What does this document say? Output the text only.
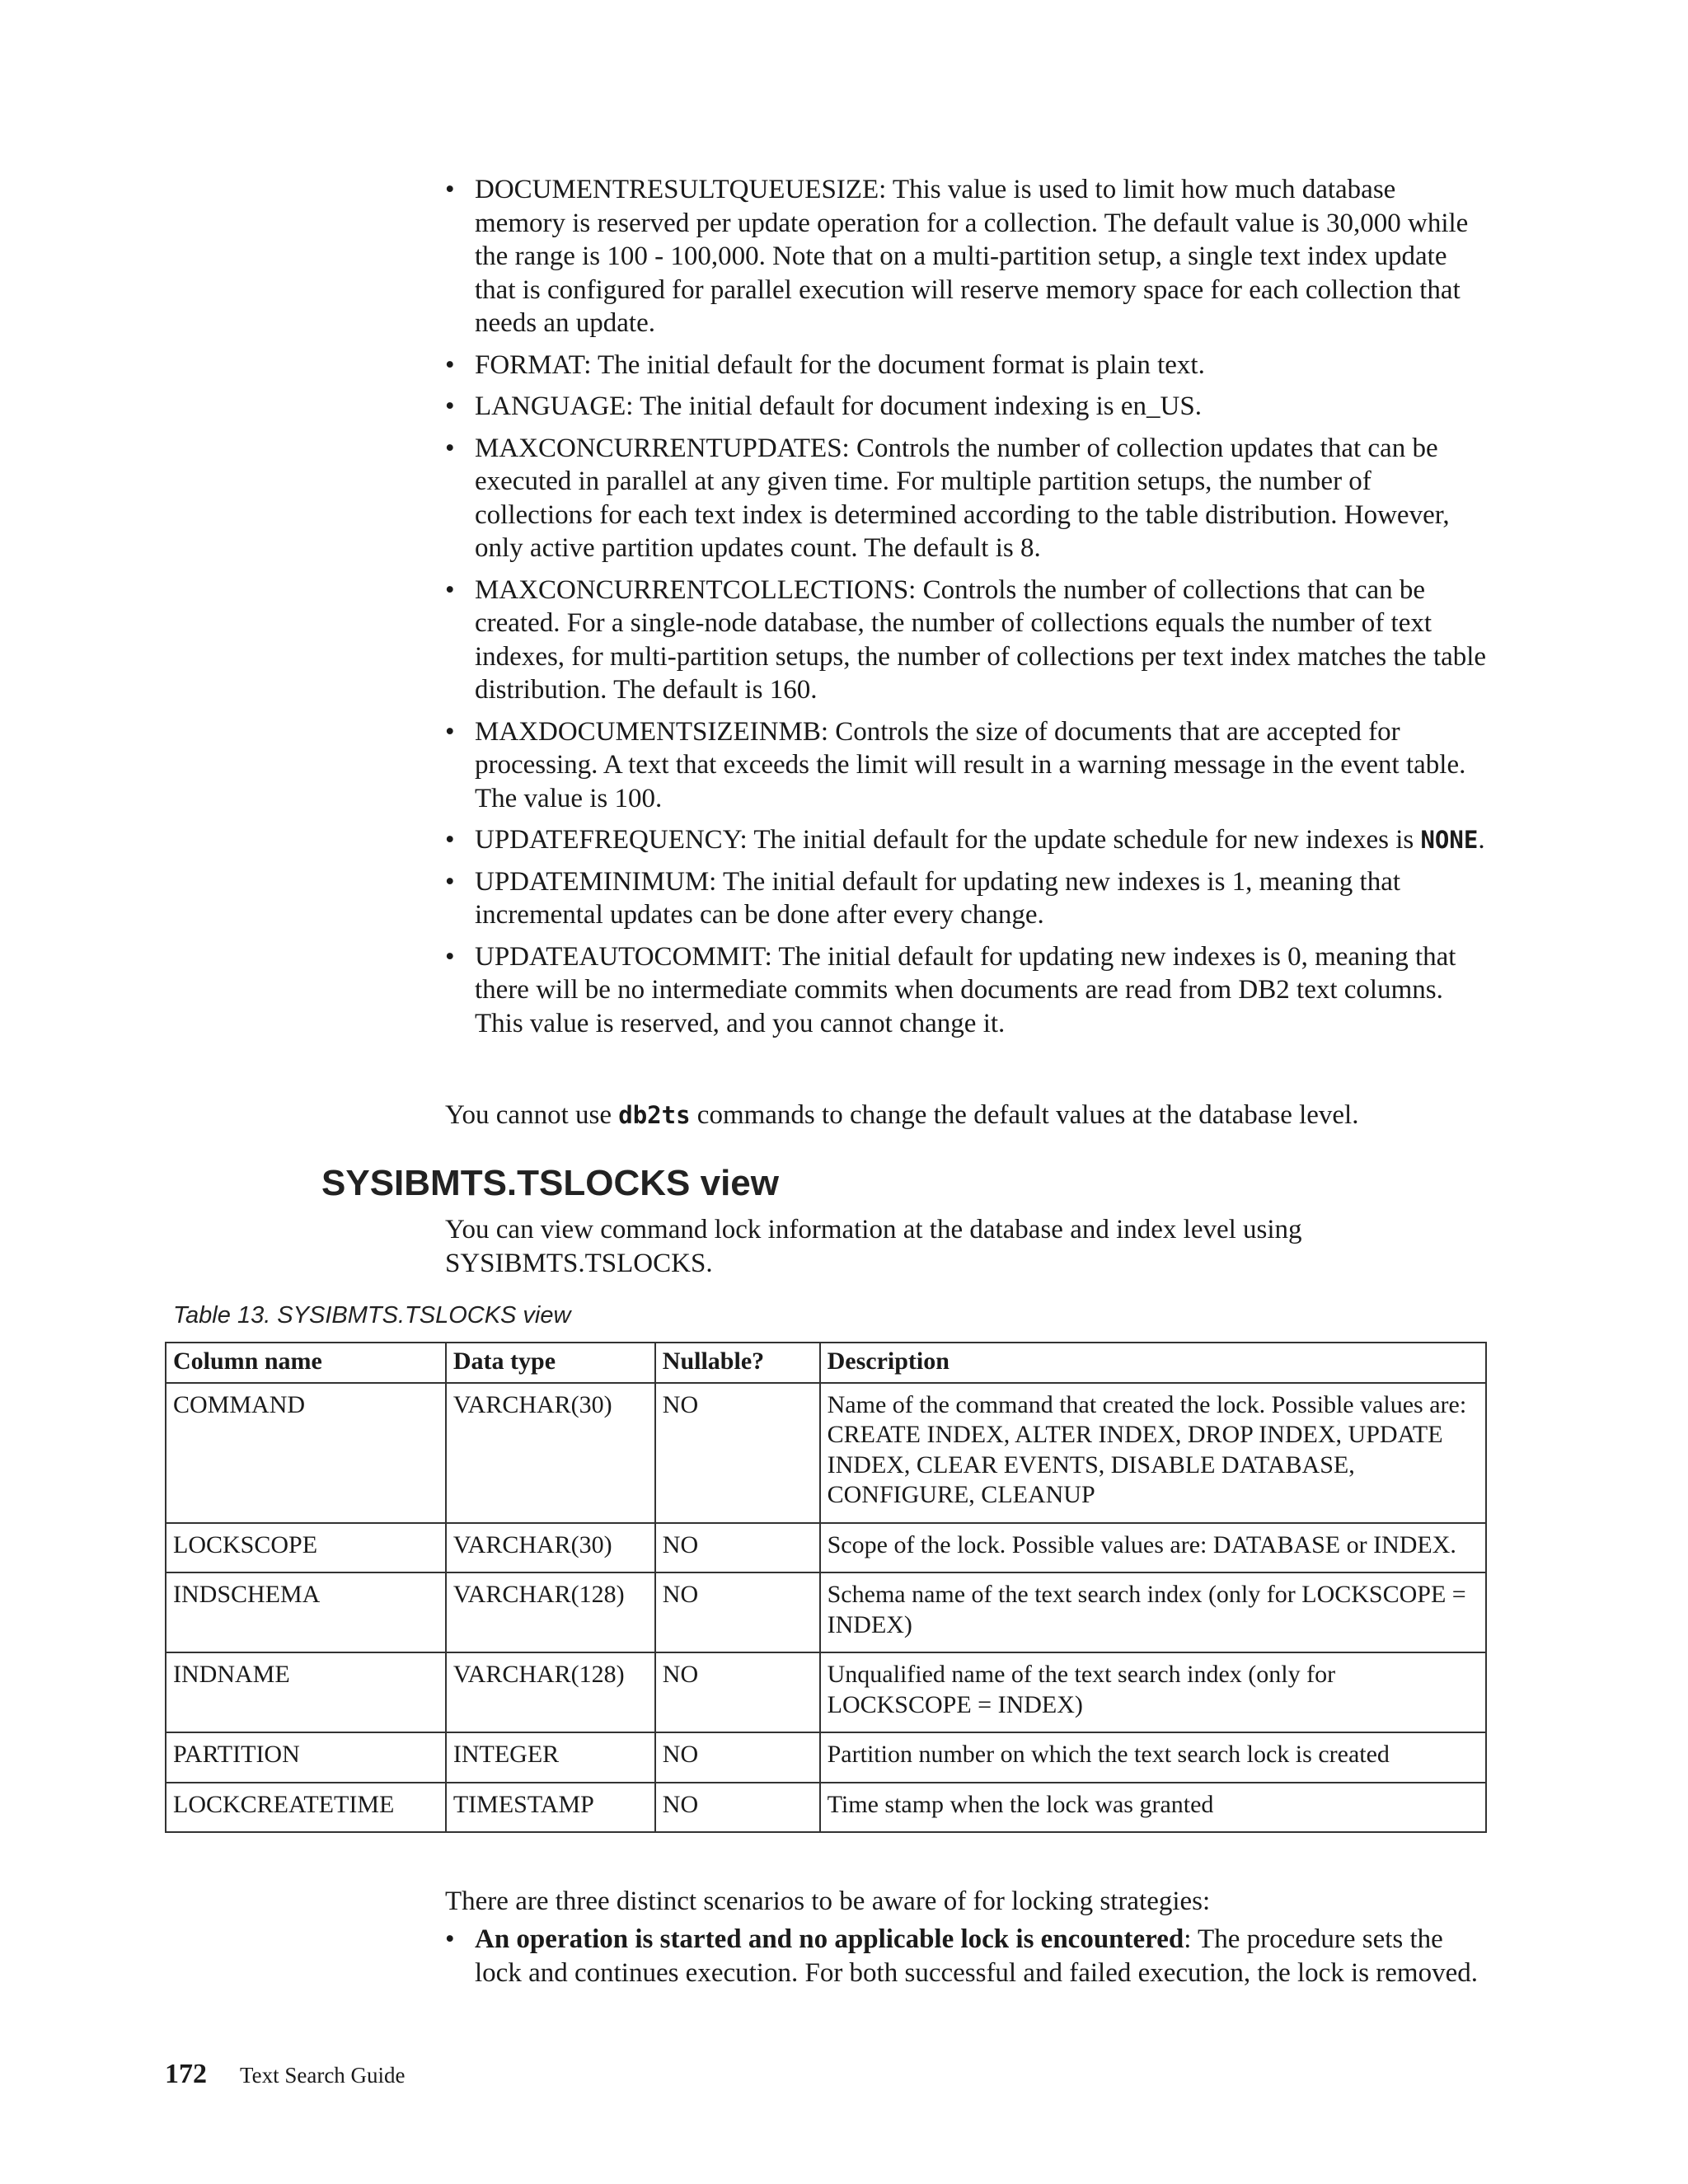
• DOCUMENTRESULTQUEUESIZE: This value is used to limit how much database memory is reserved per update operation for a collection. The default value is 30,000 while the range is 100 - 100,000. Note that on a multi-partition setup, a single text index update that is configured for parallel execution will reserve memory space for each collection that needs an update.
• FORMAT: The initial default for the document format is plain text.
• LANGUAGE: The initial default for document indexing is en_US.
• MAXCONCURRENTUPDATES: Controls the number of collection updates that can be executed in parallel at any given time. For multiple partition setups, the number of collections for each text index is determined according to the table distribution. However, only active partition updates count. The default is 8.
• MAXCONCURRENTCOLLECTIONS: Controls the number of collections that can be created. For a single-node database, the number of collections equals the number of text indexes, for multi-partition setups, the number of collections per text index matches the table distribution. The default is 160.
• MAXDOCUMENTSIZEINMB: Controls the size of documents that are accepted for processing. A text that exceeds the limit will result in a warning message in the event table. The value is 100.
• UPDATEFREQUENCY: The initial default for the update schedule for new indexes is NONE.
• UPDATEMINIMUM: The initial default for updating new indexes is 1, meaning that incremental updates can be done after every change.
• UPDATEAUTOCOMMIT: The initial default for updating new indexes is 0, meaning that there will be no intermediate commits when documents are read from DB2 text columns. This value is reserved, and you cannot change it.

You cannot use db2ts commands to change the default values at the database level.

SYSIBMTS.TSLOCKS view

You can view command lock information at the database and index level using SYSIBMTS.TSLOCKS.

Table 13. SYSIBMTS.TSLOCKS view

Column name	Data type	Nullable?	Description
COMMAND	VARCHAR(30)	NO	Name of the command that created the lock. Possible values are: CREATE INDEX, ALTER INDEX, DROP INDEX, UPDATE INDEX, CLEAR EVENTS, DISABLE DATABASE, CONFIGURE, CLEANUP
LOCKSCOPE	VARCHAR(30)	NO	Scope of the lock. Possible values are: DATABASE or INDEX.
INDSCHEMA	VARCHAR(128)	NO	Schema name of the text search index (only for LOCKSCOPE = INDEX)
INDNAME	VARCHAR(128)	NO	Unqualified name of the text search index (only for LOCKSCOPE = INDEX)
PARTITION	INTEGER	NO	Partition number on which the text search lock is created
LOCKCREATETIME	TIMESTAMP	NO	Time stamp when the lock was granted

There are three distinct scenarios to be aware of for locking strategies:

• An operation is started and no applicable lock is encountered: The procedure sets the lock and continues execution. For both successful and failed execution, the lock is removed.
172 Text Search Guide
